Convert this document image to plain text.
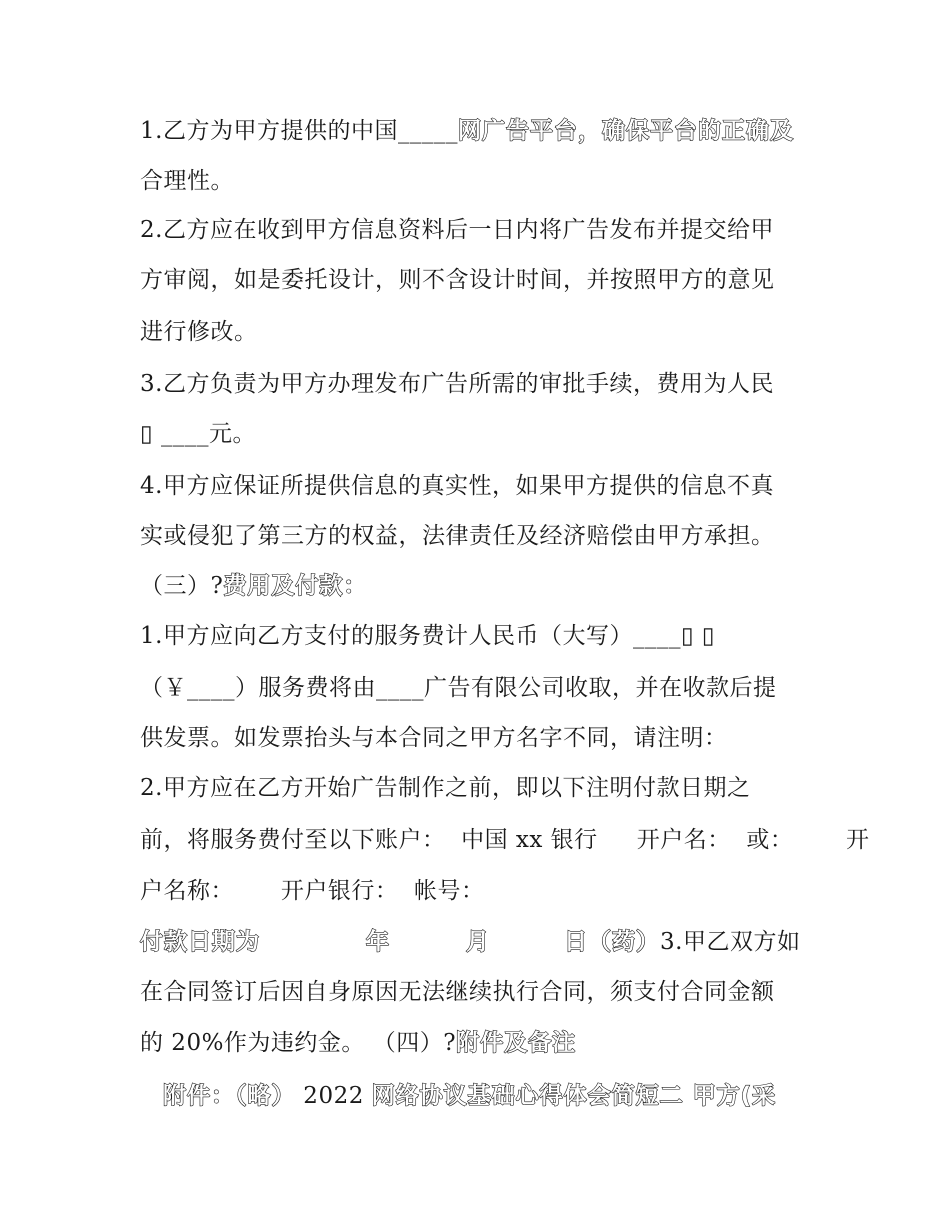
1.乙方为甲方提供的中国_____网广告平台，确保平台的正确及
合理性。
2.乙方应在收到甲方信息资料后一日内将广告发布并提交给甲
方审阅，如是委托设计，则不含设计时间，并按照甲方的意见
进行修改。
3.乙方负责为甲方办理发布广告所需的审批手续，费用为人民
▯ ____元。
4.甲方应保证所提供信息的真实性，如果甲方提供的信息不真
实或侵犯了第三方的权益，法律责任及经济赔偿由甲方承担。
（三）?费用及付款：
1.甲方应向乙方支付的服务费计人民币（大写）____▯ ▯
（￥____）服务费将由____广告有限公司收取，并在收款后提
供发票。如发票抬头与本合同之甲方名字不同，请注明：
2.甲方应在乙方开始广告制作之前，即以下注明付款日期之
前，将服务费付至以下账户：  中国 xx 银行     开户名：  或： 开
户名称：      开户银行：  帐号：
付款日期为	年	月	日（药）3.甲乙双方如
在合同签订后因自身原因无法继续执行合同，须支付合同金额
的 20%作为违约金。 （四）?附件及备注
附件：（略） 2022 网络协议基础心得体会简短二 甲方(采
